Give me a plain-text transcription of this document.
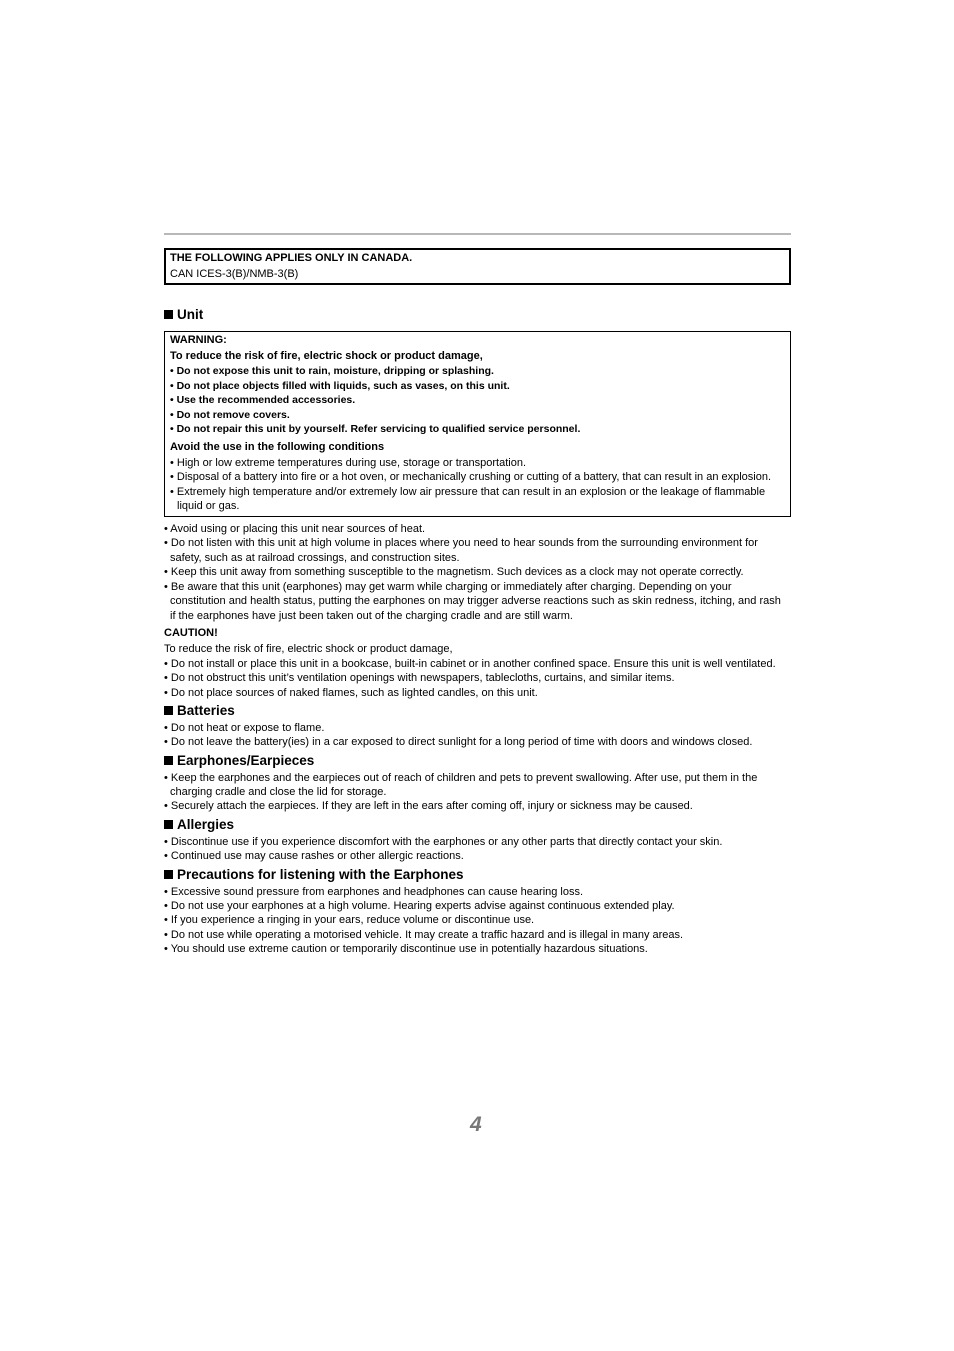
THE FOLLOWING APPLIES ONLY IN CANADA.
CAN ICES-3(B)/NMB-3(B)
Unit
WARNING:
To reduce the risk of fire, electric shock or product damage,
• Do not expose this unit to rain, moisture, dripping or splashing.
• Do not place objects filled with liquids, such as vases, on this unit.
• Use the recommended accessories.
• Do not remove covers.
• Do not repair this unit by yourself. Refer servicing to qualified service personnel.
Avoid the use in the following conditions
• High or low extreme temperatures during use, storage or transportation.
• Disposal of a battery into fire or a hot oven, or mechanically crushing or cutting of a battery, that can result in an explosion.
• Extremely high temperature and/or extremely low air pressure that can result in an explosion or the leakage of flammable
liquid or gas.
• Avoid using or placing this unit near sources of heat.
• Do not listen with this unit at high volume in places where you need to hear sounds from the surrounding environment for
safety, such as at railroad crossings, and construction sites.
• Keep this unit away from something susceptible to the magnetism. Such devices as a clock may not operate correctly.
• Be aware that this unit (earphones) may get warm while charging or immediately after charging. Depending on your
constitution and health status, putting the earphones on may trigger adverse reactions such as skin redness, itching, and rash
if the earphones have just been taken out of the charging cradle and are still warm.
CAUTION!
To reduce the risk of fire, electric shock or product damage,
• Do not install or place this unit in a bookcase, built-in cabinet or in another confined space. Ensure this unit is well ventilated.
• Do not obstruct this unit’s ventilation openings with newspapers, tablecloths, curtains, and similar items.
• Do not place sources of naked flames, such as lighted candles, on this unit.
Batteries
• Do not heat or expose to flame.
• Do not leave the battery(ies) in a car exposed to direct sunlight for a long period of time with doors and windows closed.
Earphones/Earpieces
• Keep the earphones and the earpieces out of reach of children and pets to prevent swallowing. After use, put them in the
charging cradle and close the lid for storage.
• Securely attach the earpieces. If they are left in the ears after coming off, injury or sickness may be caused.
Allergies
• Discontinue use if you experience discomfort with the earphones or any other parts that directly contact your skin.
• Continued use may cause rashes or other allergic reactions.
Precautions for listening with the Earphones
• Excessive sound pressure from earphones and headphones can cause hearing loss.
• Do not use your earphones at a high volume. Hearing experts advise against continuous extended play.
• If you experience a ringing in your ears, reduce volume or discontinue use.
• Do not use while operating a motorised vehicle. It may create a traffic hazard and is illegal in many areas.
• You should use extreme caution or temporarily discontinue use in potentially hazardous situations.
4
